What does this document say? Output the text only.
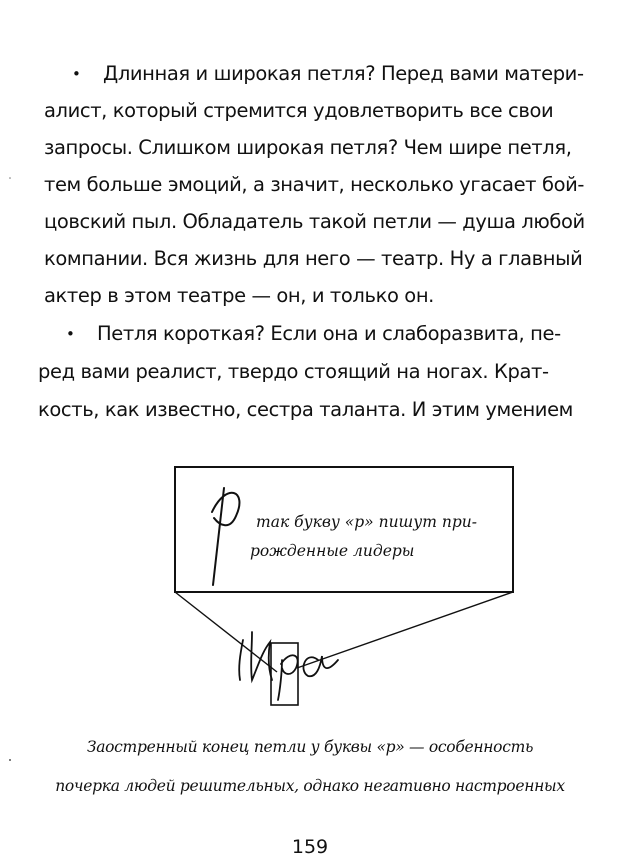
• Длинная и широкая петля? Перед вами матери-
алист, который стремится удовлетворить все свои
запросы. Слишком широкая петля? Чем шире петля,
тем больше эмоций, а значит, несколько угасает бой-
цовский пыл. Обладатель такой петли — душа любой
компании. Вся жизнь для него — театр. Ну а главный
актер в этом театре — он, и только он.
• Петля короткая? Если она и слаборазвита, пе-
ред вами реалист, твердо стоящий на ногах. Крат-
кость, как известно, сестра таланта. И этим умением
так букву «р» пишут при-
рожденные лидеры
Заостренный конец петли у буквы «р» — особенность
почерка людей решительных, однако негативно настроенных
159
